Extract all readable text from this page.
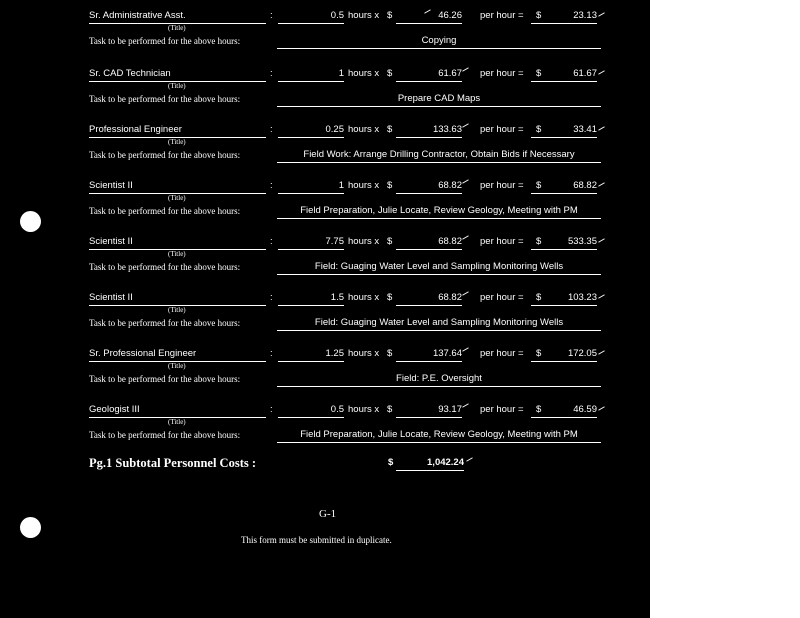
Sr. Administrative Asst.	:	0.5 hours x $	46.26 per hour = $	23.13
(Title)
Task to be performed for the above hours:	Copying
Sr. CAD Technician	:	1 hours x $	61.67 per hour = $	61.67
(Title)
Task to be performed for the above hours:	Prepare CAD Maps
Professional Engineer	:	0.25 hours x $	133.63 per hour = $	33.41
(Title)
Task to be performed for the above hours:	Field Work: Arrange Drilling Contractor, Obtain Bids if Necessary
Scientist II	:	1 hours x $	68.82 per hour = $	68.82
(Title)
Task to be performed for the above hours:	Field Preparation, Julie Locate, Review Geology, Meeting with PM
Scientist II	:	7.75 hours x $	68.82 per hour = $	533.35
(Title)
Task to be performed for the above hours:	Field: Guaging Water Level and Sampling Monitoring Wells
Scientist II	:	1.5 hours x $	68.82 per hour = $	103.23
(Title)
Task to be performed for the above hours:	Field: Guaging Water Level and Sampling Monitoring Wells
Sr. Professional Engineer	:	1.25 hours x $	137.64 per hour = $	172.05
(Title)
Task to be performed for the above hours:	Field: P.E. Oversight
Geologist III	:	0.5 hours x $	93.17 per hour = $	46.59
(Title)
Task to be performed for the above hours:	Field Preparation, Julie Locate, Review Geology, Meeting with PM
Pg.1 Subtotal Personnel Costs :	$	1,042.24
G-1
This form must be submitted in duplicate.
